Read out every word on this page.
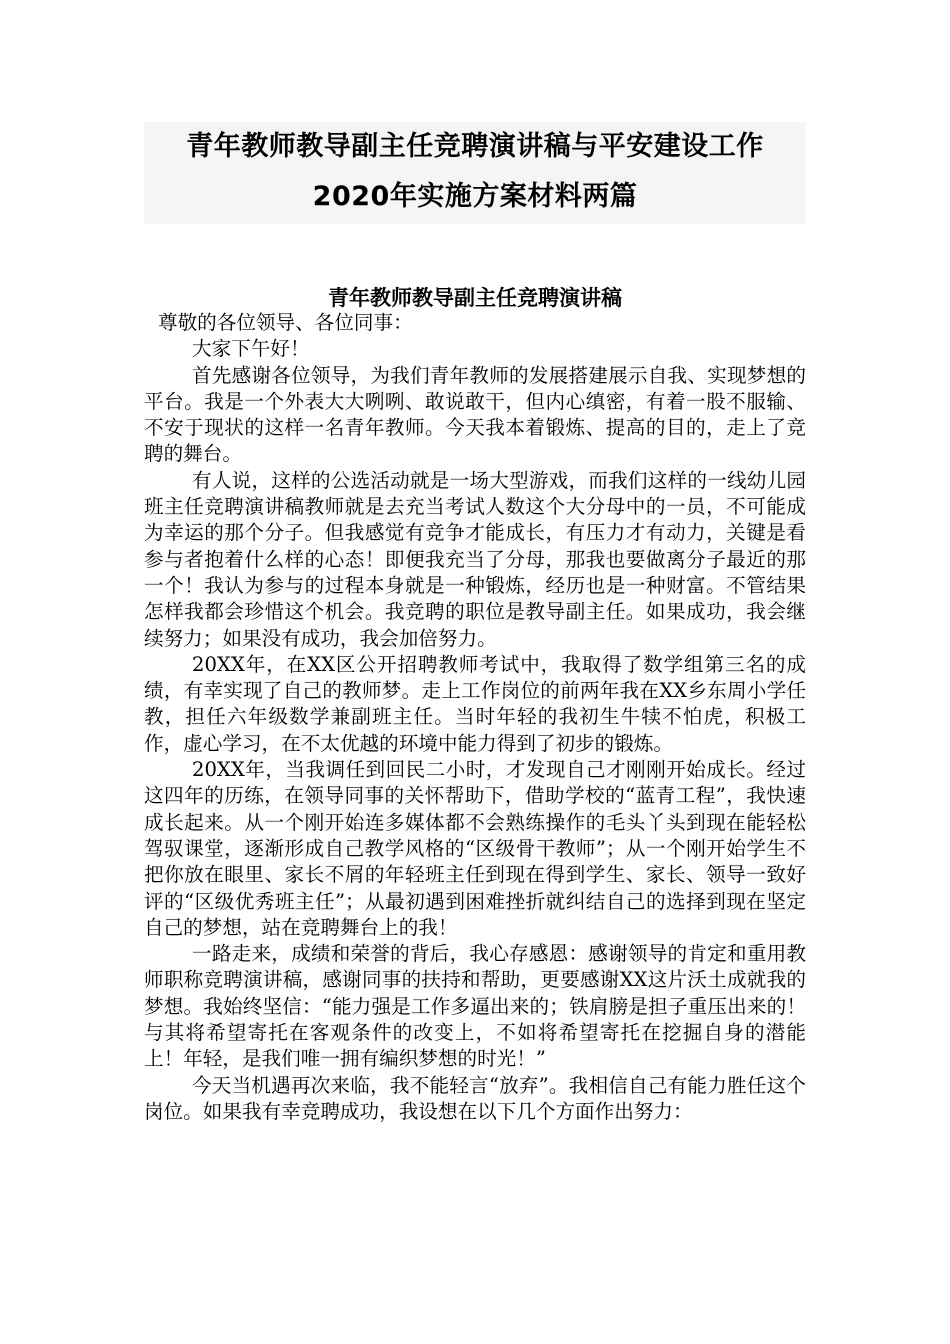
青年教师教导副主任竞聘演讲稿与平安建设工作
2020年实施方案材料两篇
青年教师教导副主任竞聘演讲稿

尊敬的各位领导、各位同事：

大家下午好！

首先感谢各位领导，为我们青年教师的发展搭建展示自我、实现梦想的平台。我是一个外表大大咧咧、敢说敢干，但内心缜密，有着一股不服输、不安于现状的这样一名青年教师。今天我本着锻炼、提高的目的，走上了竞聘的舞台。

有人说，这样的公选活动就是一场大型游戏，而我们这样的一线幼儿园班主任竞聘演讲稿教师就是去充当考试人数这个大分母中的一员，不可能成为幸运的那个分子。但我感觉有竞争才能成长，有压力才有动力，关键是看参与者抱着什么样的心态！即便我充当了分母，那我也要做离分子最近的那一个！我认为参与的过程本身就是一种锻炼，经历也是一种财富。不管结果怎样我都会珍惜这个机会。我竞聘的职位是教导副主任。如果成功，我会继续努力；如果没有成功，我会加倍努力。

20XX年，在XX区公开招聘教师考试中，我取得了数学组第三名的成绩，有幸实现了自己的教师梦。走上工作岗位的前两年我在XX乡东周小学任教，担任六年级数学兼副班主任。当时年轻的我初生牛犊不怕虎，积极工作，虚心学习，在不太优越的环境中能力得到了初步的锻炼。

20XX年，当我调任到回民二小时，才发现自己才刚刚开始成长。经过这四年的历练，在领导同事的关怀帮助下，借助学校的“蓝青工程”，我快速成长起来。从一个刚开始连多媒体都不会熟练操作的毛头丫头到现在能轻松驾驭课堂，逐渐形成自己教学风格的“区级骨干教师”；从一个刚开始学生不把你放在眼里、家长不屑的年轻班主任到现在得到学生、家长、领导一致好评的“区级优秀班主任”；从最初遇到困难挫折就纠结自己的选择到现在坚定自己的梦想，站在竞聘舞台上的我！

一路走来，成绩和荣誉的背后，我心存感恩：感谢领导的肯定和重用教师职称竞聘演讲稿，感谢同事的扶持和帮助，更要感谢XX这片沃土成就我的梦想。我始终坚信：“能力强是工作多逼出来的；铁肩膀是担子重压出来的！与其将希望寄托在客观条件的改变上，不如将希望寄托在挖掘自身的潜能上！年轻，是我们唯一拥有编织梦想的时光！”

今天当机遇再次来临，我不能轻言“放弃”。我相信自己有能力胜任这个岗位。如果我有幸竞聘成功，我设想在以下几个方面作出努力：
